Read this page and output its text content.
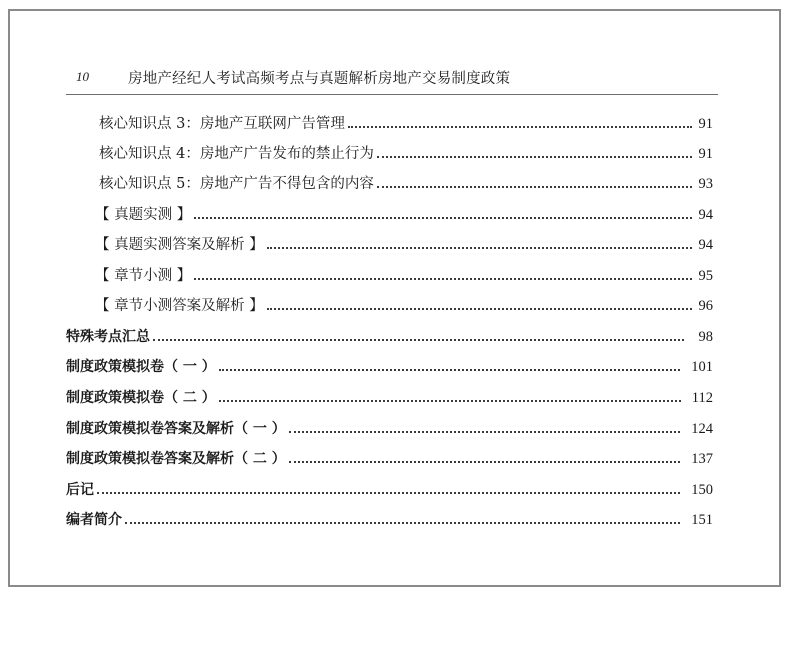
10	房地产经纪人考试高频考点与真题解析房地产交易制度政策
核心知识点 3：房地产互联网广告管理	91
核心知识点 4：房地产广告发布的禁止行为	91
核心知识点 5：房地产广告不得包含的内容	93
【 真题实测 】	94
【 真题实测答案及解析 】	94
【 章节小测 】	95
【 章节小测答案及解析 】	96
特殊考点汇总	98
制度政策模拟卷（ 一 ）	101
制度政策模拟卷（ 二 ）	112
制度政策模拟卷答案及解析（ 一 ）	124
制度政策模拟卷答案及解析（ 二 ）	137
后记	150
编者简介	151
